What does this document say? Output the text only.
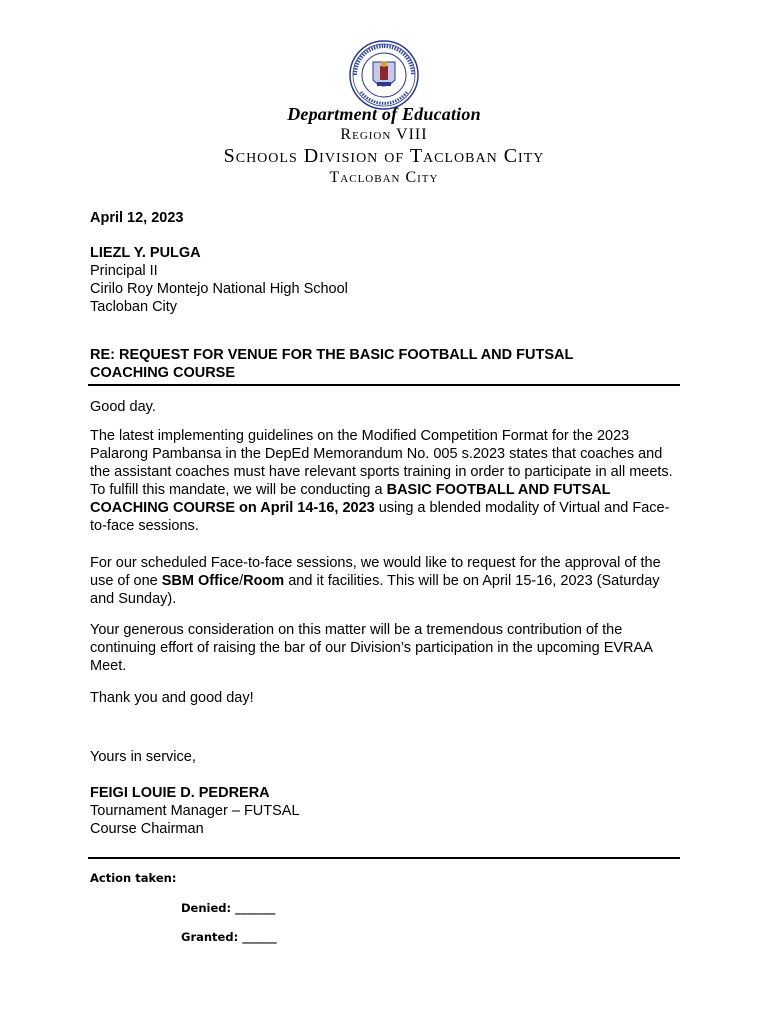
Department of Education
Region VIII
Schools Division of Tacloban City
Tacloban City
April 12, 2023
LIEZL Y. PULGA
Principal II
Cirilo Roy Montejo National High School
Tacloban City
RE: REQUEST FOR VENUE FOR THE BASIC FOOTBALL AND FUTSAL
COACHING COURSE
Good day.

The latest implementing guidelines on the Modified Competition Format for the 2023 Palarong Pambansa in the DepEd Memorandum No. 005 s.2023 states that coaches and the assistant coaches must have relevant sports training in order to participate in all meets. To fulfill this mandate, we will be conducting a BASIC FOOTBALL AND FUTSAL COACHING COURSE on April 14-16, 2023 using a blended modality of Virtual and Face-to-face sessions.

For our scheduled Face-to-face sessions, we would like to request for the approval of the use of one SBM Office/Room and it facilities. This will be on April 15-16, 2023 (Saturday and Sunday).

Your generous consideration on this matter will be a tremendous contribution of the continuing effort of raising the bar of our Division’s participation in the upcoming EVRAA Meet.
Thank you and good day!
Yours in service,
FEIGI LOUIE D. PEDRERA
Tournament Manager – FUTSAL
Course Chairman
Action taken:
Denied: _______
Granted: ______
